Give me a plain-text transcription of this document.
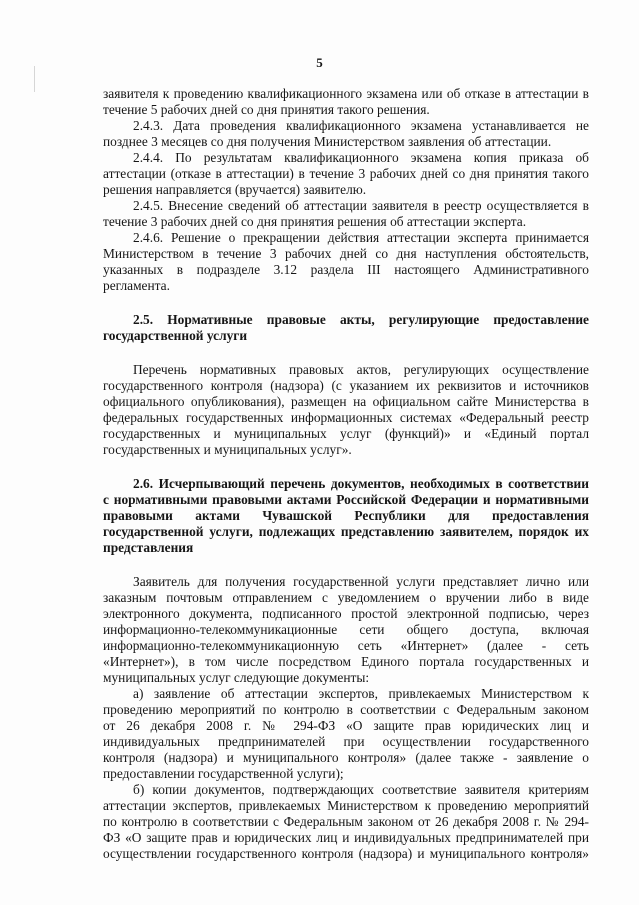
5
заявителя к проведению квалификационного экзамена или об отказе в аттестации в
течение 5 рабочих дней со дня принятия такого решения.
2.4.3. Дата проведения квалификационного экзамена устанавливается не
позднее 3 месяцев со дня получения Министерством заявления об аттестации.
2.4.4. По результатам квалификационного экзамена копия приказа об
аттестации (отказе в аттестации) в течение 3 рабочих дней со дня принятия такого
решения направляется (вручается) заявителю.
2.4.5. Внесение сведений об аттестации заявителя в реестр осуществляется в
течение 3 рабочих дней со дня принятия решения об аттестации эксперта.
2.4.6. Решение о прекращении действия аттестации эксперта принимается
Министерством в течение 3 рабочих дней со дня наступления обстоятельств,
указанных в подразделе 3.12 раздела III настоящего Административного
регламента.
2.5. Нормативные правовые акты, регулирующие предоставление
государственной услуги
Перечень нормативных правовых актов, регулирующих осуществление
государственного контроля (надзора) (с указанием их реквизитов и источников
официального опубликования), размещен на официальном сайте Министерства в
федеральных государственных информационных системах «Федеральный реестр
государственных и муниципальных услуг (функций)» и «Единый портал
государственных и муниципальных услуг».
2.6. Исчерпывающий перечень документов, необходимых в соответствии
с нормативными правовыми актами Российской Федерации и нормативными
правовыми актами Чувашской Республики для предоставления
государственной услуги, подлежащих представлению заявителем, порядок их
представления
Заявитель для получения государственной услуги представляет лично или
заказным почтовым отправлением с уведомлением о вручении либо в виде
электронного документа, подписанного простой электронной подписью, через
информационно-телекоммуникационные сети общего доступа, включая
информационно-телекоммуникационную сеть «Интернет» (далее - сеть
«Интернет»), в том числе посредством Единого портала государственных и
муниципальных услуг следующие документы:
а) заявление об аттестации экспертов, привлекаемых Министерством к
проведению мероприятий по контролю в соответствии с Федеральным законом
от 26 декабря 2008 г. № 294-ФЗ «О защите прав юридических лиц и
индивидуальных предпринимателей при осуществлении государственного
контроля (надзора) и муниципального контроля» (далее также - заявление о
предоставлении государственной услуги);
б) копии документов, подтверждающих соответствие заявителя критериям
аттестации экспертов, привлекаемых Министерством к проведению мероприятий
по контролю в соответствии с Федеральным законом от 26 декабря 2008 г. № 294-
ФЗ «О защите прав и юридических лиц и индивидуальных предпринимателей при
осуществлении государственного контроля (надзора) и муниципального контроля»
